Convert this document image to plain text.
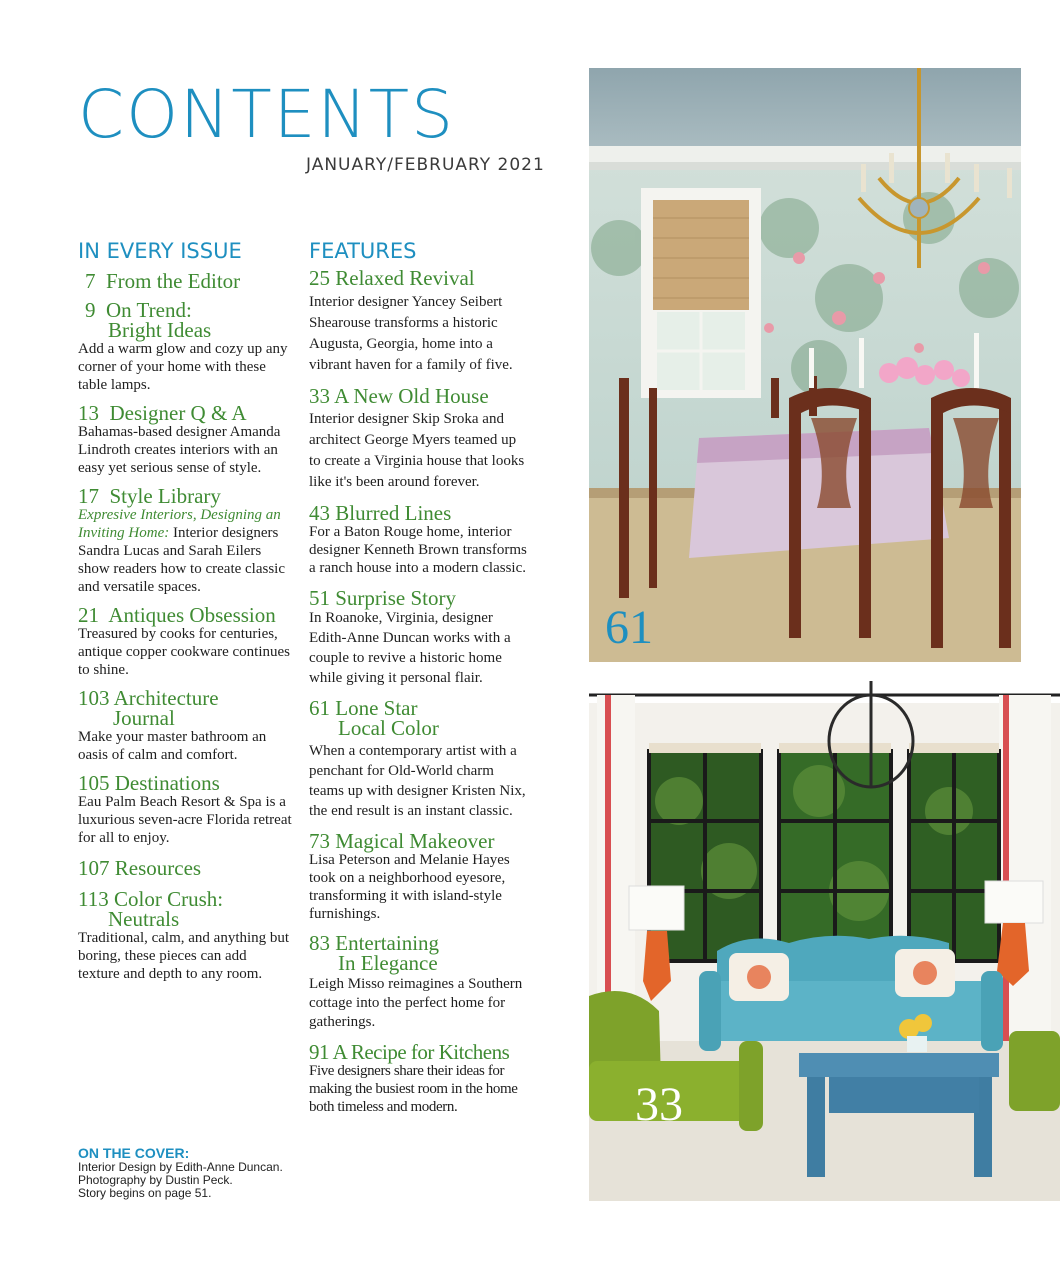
CONTENTS
JANUARY/FEBRUARY 2021
IN EVERY ISSUE
7 From the Editor
9 On Trend:
Bright Ideas
Add a warm glow and cozy up any corner of your home with these table lamps.
13 Designer Q & A
Bahamas-based designer Amanda Lindroth creates interiors with an easy yet serious sense of style.
17 Style Library
Expresive Interiors, Designing an Inviting Home: Interior designers Sandra Lucas and Sarah Eilers show readers how to create classic and versatile spaces.
21 Antiques Obsession
Treasured by cooks for centuries, antique copper cookware continues to shine.
103 Architecture
Journal
Make your master bathroom an oasis of calm and comfort.
105 Destinations
Eau Palm Beach Resort & Spa is a luxurious seven-acre Florida retreat for all to enjoy.
107 Resources
113 Color Crush:
Neutrals
Traditional, calm, and anything but boring, these pieces can add texture and depth to any room.
ON THE COVER:
Interior Design by Edith-Anne Duncan.
Photography by Dustin Peck.
Story begins on page 51.
FEATURES
25 Relaxed Revival
Interior designer Yancey Seibert Shearouse transforms a historic Augusta, Georgia, home into a vibrant haven for a family of five.
33 A New Old House
Interior designer Skip Sroka and architect George Myers teamed up to create a Virginia house that looks like it's been around forever.
43 Blurred Lines
For a Baton Rouge home, interior designer Kenneth Brown transforms a ranch house into a modern classic.
51 Surprise Story
In Roanoke, Virginia, designer Edith-Anne Duncan works with a couple to revive a historic home while giving it personal flair.
61 Lone Star
Local Color
When a contemporary artist with a penchant for Old-World charm teams up with designer Kristen Nix, the end result is an instant classic.
73 Magical Makeover
Lisa Peterson and Melanie Hayes took on a neighborhood eyesore, transforming it with island-style furnishings.
83 Entertaining
In Elegance
Leigh Misso reimagines a Southern cottage into the perfect home for gatherings.
91 A Recipe for Kitchens
Five designers share their ideas for making the busiest room in the home both timeless and modern.
61
33
